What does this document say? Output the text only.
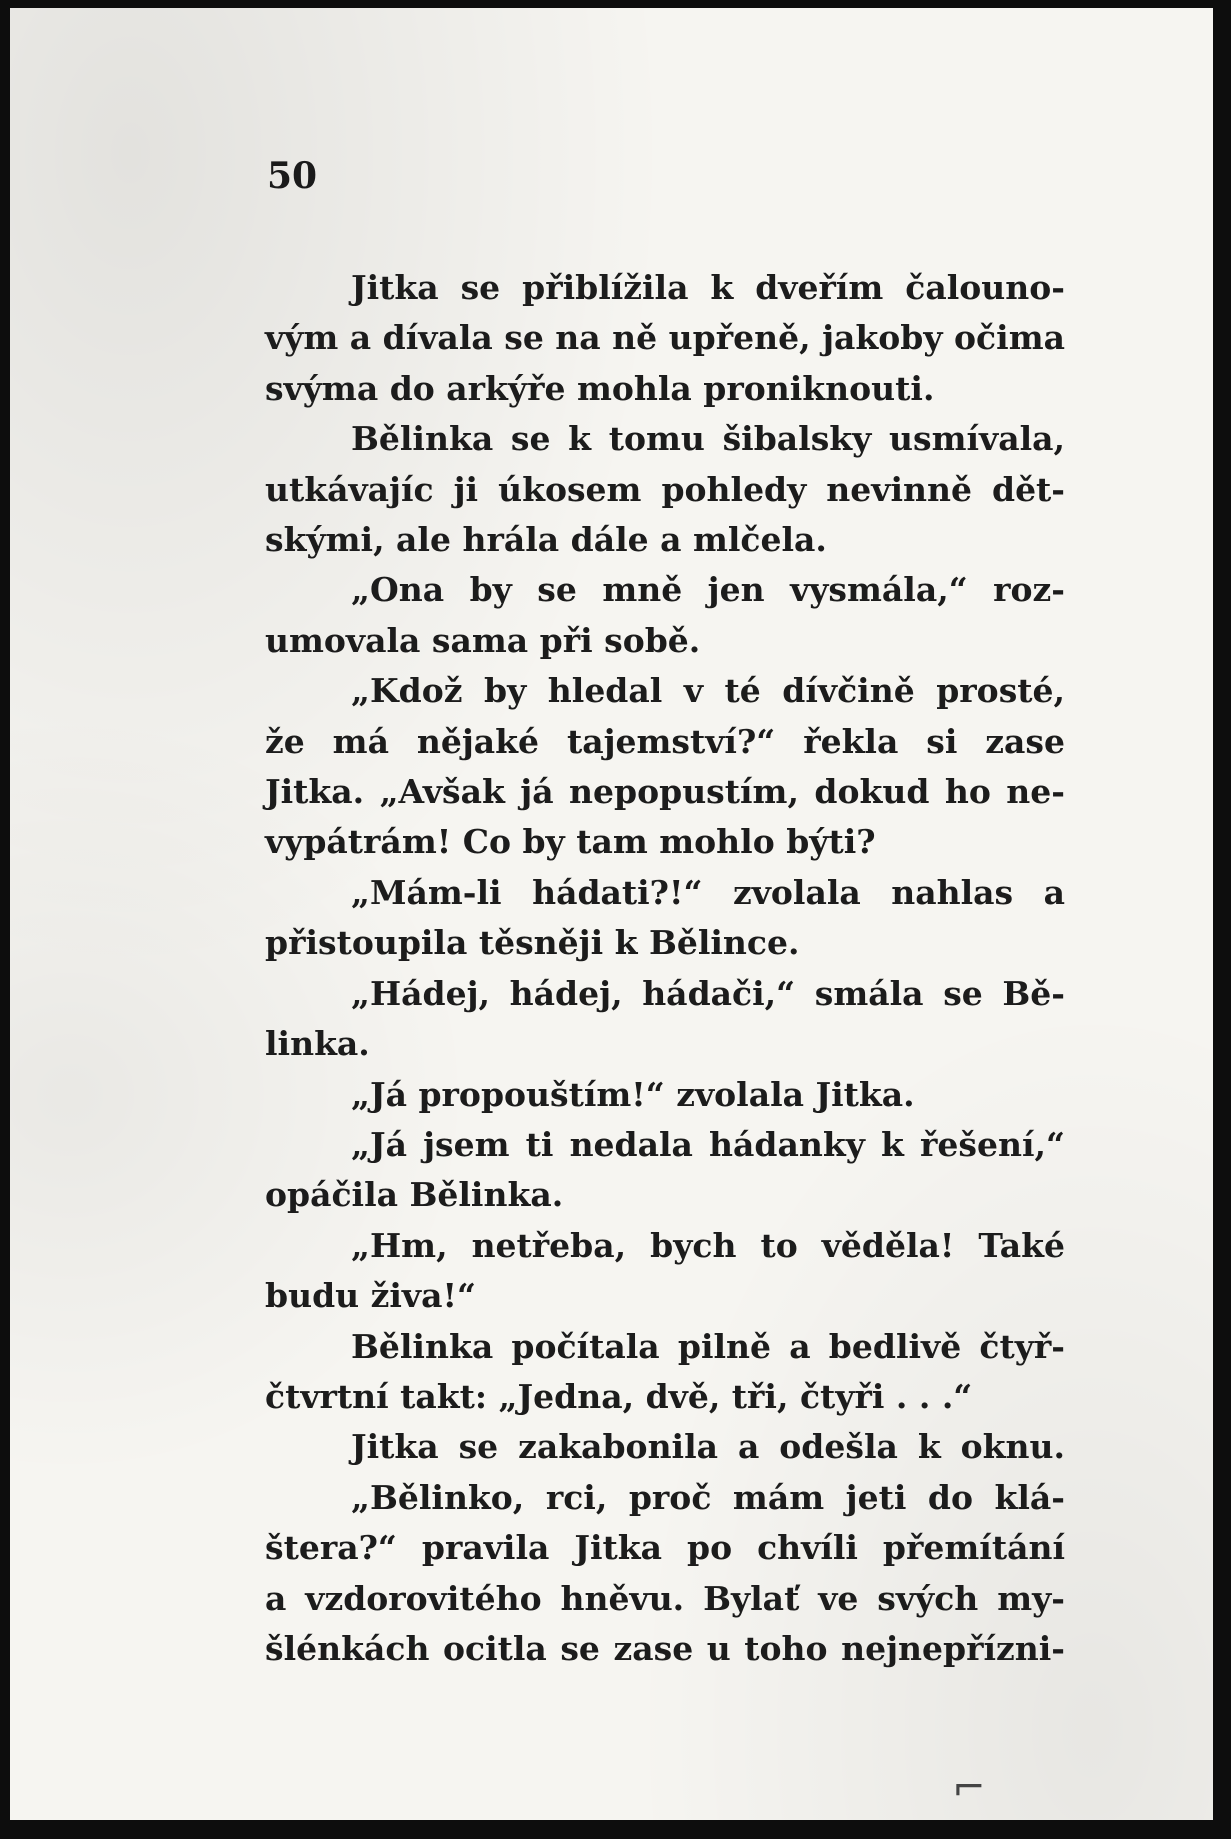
50

Jitka se přiblížila k dveřím čalouno-
vým a dívala se na ně upřeně, jakoby očima
svýma do arkýře mohla proniknouti.
Bělinka se k tomu šibalsky usmívala,
utkávajíc ji úkosem pohledy nevinně dět-
skými, ale hrála dále a mlčela.
„Ona by se mně jen vysmála,“ roz-
umovala sama při sobě.
„Kdož by hledal v té dívčině prosté,
že má nějaké tajemství?“ řekla si zase
Jitka. „Avšak já nepopustím, dokud ho ne-
vypátrám! Co by tam mohlo býti?
„Mám-li hádati?!“ zvolala nahlas a
přistoupila těsněji k Bělince.
„Hádej, hádej, hádači,“ smála se Bě-
linka.
„Já propouštím!“ zvolala Jitka.
„Já jsem ti nedala hádanky k řešení,“
opáčila Bělinka.
„Hm, netřeba, bych to věděla! Také
budu živa!“
Bělinka počítala pilně a bedlivě čtyř-
čtvrtní takt: „Jedna, dvě, tři, čtyři . . .“
Jitka se zakabonila a odešla k oknu.
„Bělinko, rci, proč mám jeti do klá-
štera?“ pravila Jitka po chvíli přemítání
a vzdorovitého hněvu. Bylať ve svých my-
šlénkách ocitla se zase u toho nejnepřízni-
⌐
